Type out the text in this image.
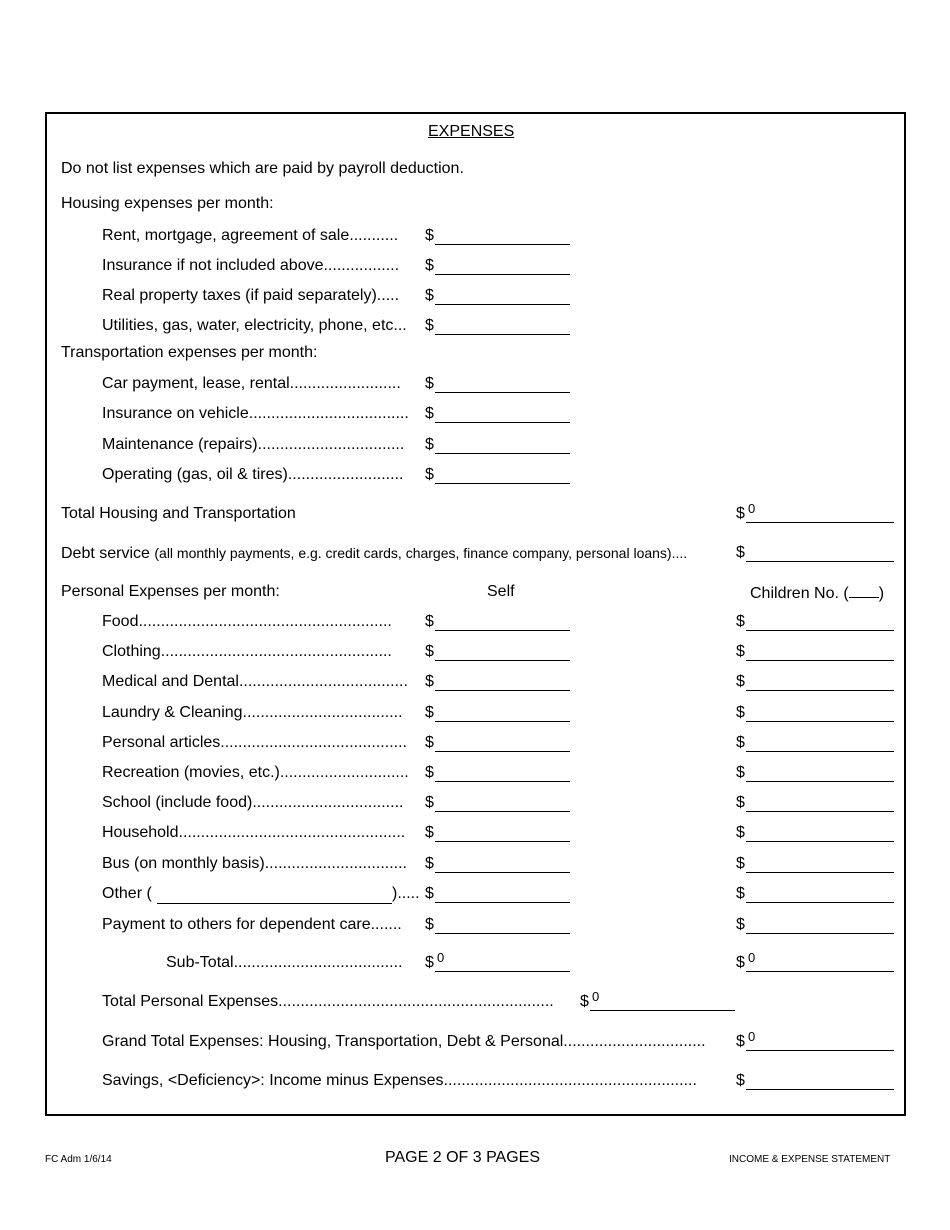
EXPENSES
Do not list expenses which are paid by payroll deduction.
Housing expenses per month:
Rent, mortgage, agreement of sale........... $
Insurance if not included above................. $
Real property taxes (if paid separately)..... $
Utilities, gas, water, electricity, phone, etc... $
Transportation expenses per month:
Car payment, lease, rental......................... $
Insurance on vehicle.................................... $
Maintenance (repairs)................................. $
Operating (gas, oil & tires).......................... $
Total Housing and Transportation	$ 0
Debt service (all monthly payments, e.g. credit cards, charges, finance company, personal loans)....	$
Personal Expenses per month:	Self	Children No. ( )
Food......................................................... $	$
Clothing.................................................... $	$
Medical and Dental...................................... $	$
Laundry & Cleaning.................................... $	$
Personal articles.......................................... $	$
Recreation (movies, etc.)............................. $	$
School (include food).................................. $	$
Household................................................... $	$
Bus (on monthly basis)................................ $	$
Other (	)..... $	$
Payment to others for dependent care....... $	$
Sub-Total...................................... $ 0	$ 0
Total Personal Expenses.............................................................. $ 0
Grand Total Expenses: Housing, Transportation, Debt & Personal................................ $ 0
Savings, <Deficiency>: Income minus Expenses......................................................... $
FC Adm 1/6/14	PAGE 2 OF 3 PAGES	INCOME & EXPENSE STATEMENT
